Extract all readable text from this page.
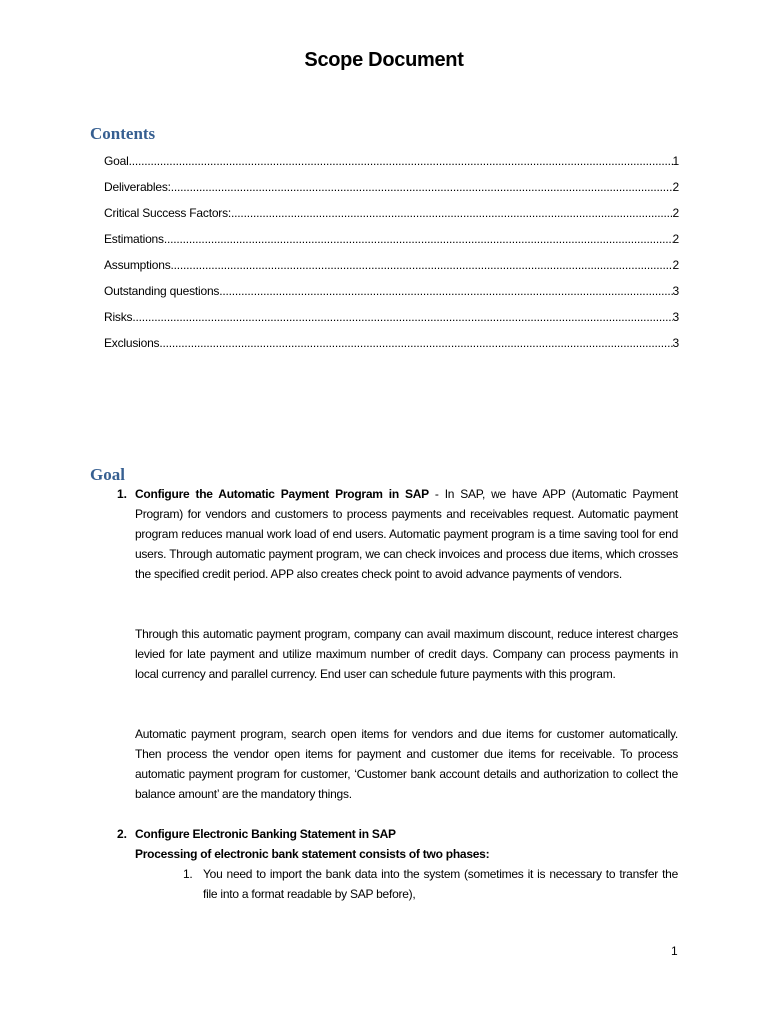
Scope Document
Contents
Goal .....	1
Deliverables: .....	2
Critical Success Factors: .....	2
Estimations .....	2
Assumptions .....	2
Outstanding questions .....	3
Risks .....	3
Exclusions .....	3
Goal
1. Configure the Automatic Payment Program in SAP - In SAP, we have APP (Automatic Payment Program) for vendors and customers to process payments and receivables request. Automatic payment program reduces manual work load of end users. Automatic payment program is a time saving tool for end users. Through automatic payment program, we can check invoices and process due items, which crosses the specified credit period. APP also creates check point to avoid advance payments of vendors.
Through this automatic payment program, company can avail maximum discount, reduce interest charges levied for late payment and utilize maximum number of credit days. Company can process payments in local currency and parallel currency. End user can schedule future payments with this program.
Automatic payment program, search open items for vendors and due items for customer automatically. Then process the vendor open items for payment and customer due items for receivable. To process automatic payment program for customer, ‘Customer bank account details and authorization to collect the balance amount’ are the mandatory things.
2. Configure Electronic Banking Statement in SAP
Processing of electronic bank statement consists of two phases:
1. You need to import the bank data into the system (sometimes it is necessary to transfer the file into a format readable by SAP before),
1
